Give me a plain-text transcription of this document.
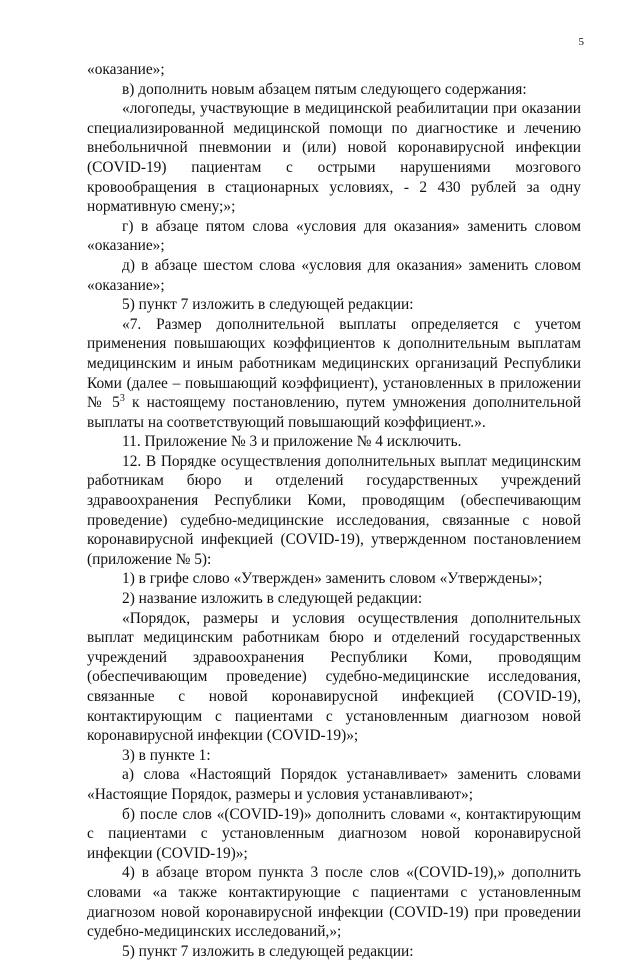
5

«оказание»;

в) дополнить новым абзацем пятым следующего содержания:

«логопеды, участвующие в медицинской реабилитации при оказании специализированной медицинской помощи по диагностике и лечению внебольничной пневмонии и (или) новой коронавирусной инфекции (COVID-19) пациентам с острыми нарушениями мозгового кровообращения в стационарных условиях, - 2 430 рублей за одну нормативную смену;»;

г) в абзаце пятом слова «условия для оказания» заменить словом «оказание»;

д) в абзаце шестом слова «условия для оказания» заменить словом «оказание»;

5) пункт 7 изложить в следующей редакции:

«7. Размер дополнительной выплаты определяется с учетом применения повышающих коэффициентов к дополнительным выплатам медицинским и иным работникам медицинских организаций Республики Коми (далее – повышающий коэффициент), установленных в приложении № $5^3$ к настоящему постановлению, путем умножения дополнительной выплаты на соответствующий повышающий коэффициент.».

11. Приложение № 3 и приложение № 4 исключить.

12. В Порядке осуществления дополнительных выплат медицинским работникам бюро и отделений государственных учреждений здравоохранения Республики Коми, проводящим (обеспечивающим проведение) судебно-медицинские исследования, связанные с новой коронавирусной инфекцией (COVID-19), утвержденном постановлением (приложение № 5):

1) в грифе слово «Утвержден» заменить словом «Утверждены»;

2) название изложить в следующей редакции:

«Порядок, размеры и условия осуществления дополнительных выплат медицинским работникам бюро и отделений государственных учреждений здравоохранения Республики Коми, проводящим (обеспечивающим проведение) судебно-медицинские исследования, связанные с новой коронавирусной инфекцией (COVID-19), контактирующим с пациентами с установленным диагнозом новой коронавирусной инфекции (COVID-19)»;

3) в пункте 1:

а) слова «Настоящий Порядок устанавливает» заменить словами «Настоящие Порядок, размеры и условия устанавливают»;

б) после слов «(COVID-19)» дополнить словами «, контактирующим с пациентами с установленным диагнозом новой коронавирусной инфекции (COVID-19)»;

4) в абзаце втором пункта 3 после слов «(COVID-19),» дополнить словами «а также контактирующие с пациентами с установленным диагнозом новой коронавирусной инфекции (COVID-19) при проведении судебно-медицинских исследований,»;

5) пункт 7 изложить в следующей редакции:
